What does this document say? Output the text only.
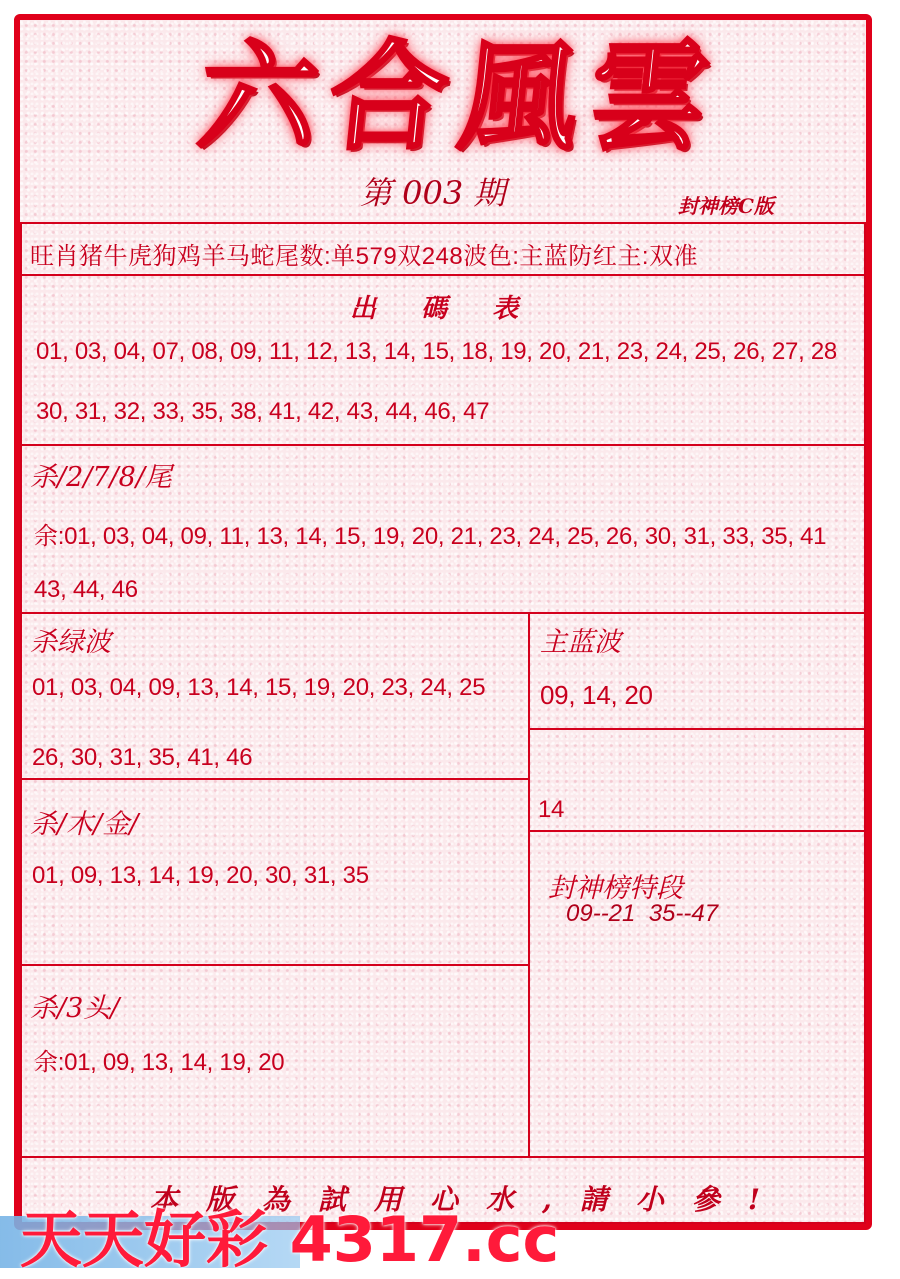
六合風雲
第 003 期	封神榜C版
旺肖猪牛虎狗鸡羊马蛇尾数:单579双248波色:主蓝防红主:双准
出 碼 表
01, 03, 04, 07, 08, 09, 11, 12, 13, 14, 15, 18, 19, 20, 21, 23, 24, 25, 26, 27, 28
30, 31, 32, 33, 35, 38, 41, 42, 43, 44, 46, 47
杀/2/7/8/尾
余:01, 03, 04, 09, 11, 13, 14, 15, 19, 20, 21, 23, 24, 25, 26, 30, 31, 33, 35, 41
43, 44, 46
杀绿波
01, 03, 04, 09, 13, 14, 15, 19, 20, 23, 24, 25
26, 30, 31, 35, 41, 46
主蓝波
09, 14, 20
14
杀/木/金/
01, 09, 13, 14, 19, 20, 30, 31, 35	封神榜特段
09--21  35--47
杀/3头/
余:01, 09, 13, 14, 19, 20
本版為試用心水,請小參!
天天好彩 4317.cc
